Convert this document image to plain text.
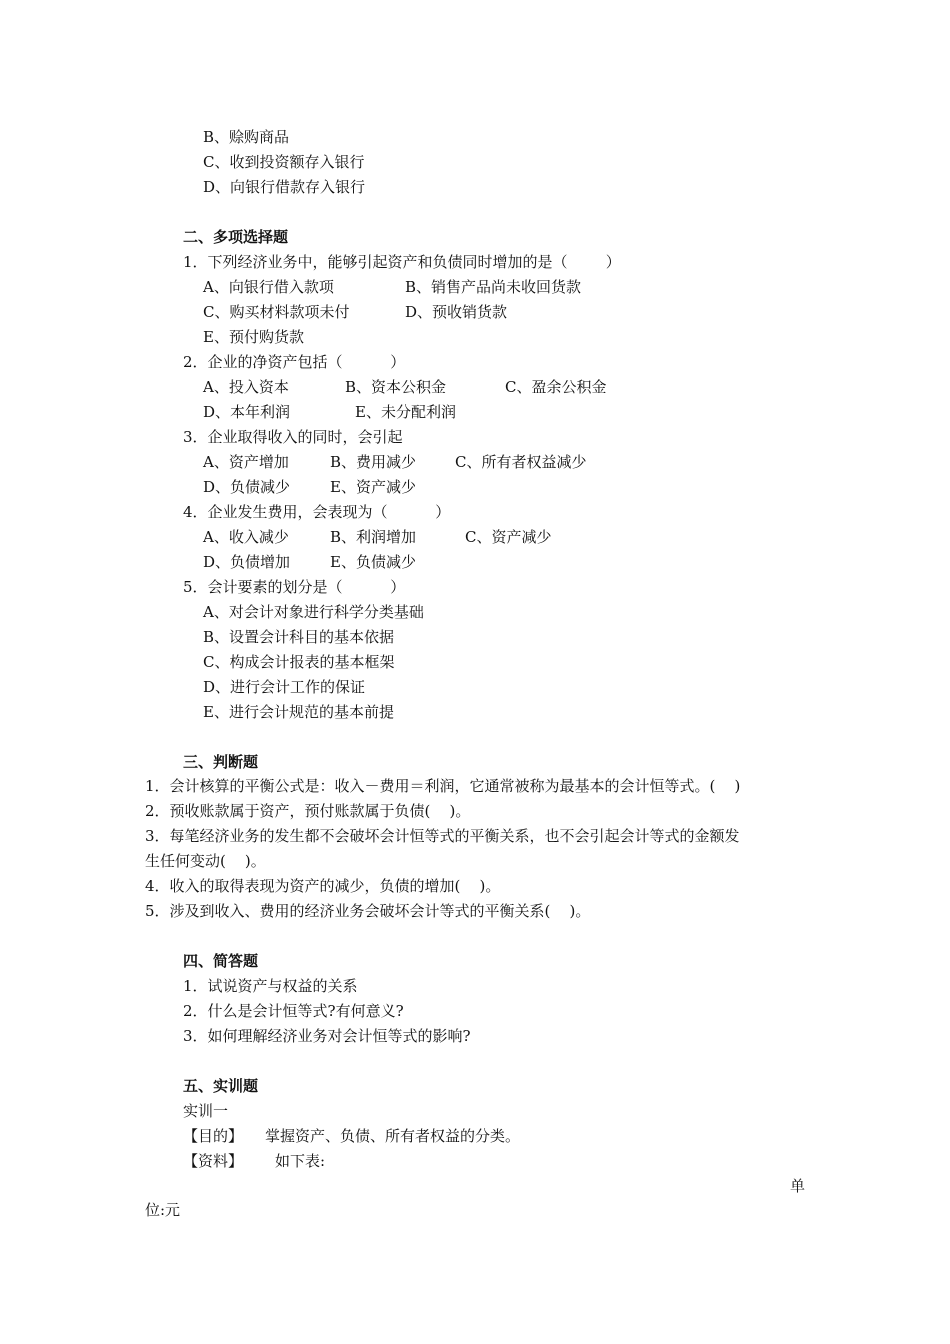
B、赊购商品
C、收到投资额存入银行
D、向银行借款存入银行
二、多项选择题
1．下列经济业务中，能够引起资产和负债同时增加的是（        ）
A、向银行借入款项	B、销售产品尚未收回货款
C、购买材料款项未付	D、预收销货款
E、预付购货款
2．企业的净资产包括（          ）
A、投入资本	B、资本公积金	C、盈余公积金
D、本年利润	E、未分配利润
3．企业取得收入的同时，会引起
A、资产增加	B、费用减少	C、所有者权益减少
D、负债减少	E、资产减少
4．企业发生费用，会表现为（          ）
A、收入减少	B、利润增加	C、资产减少
D、负债增加	E、负债减少
5．会计要素的划分是（          ）
A、对会计对象进行科学分类基础
B、设置会计科目的基本依据
C、构成会计报表的基本框架
D、进行会计工作的保证
E、进行会计规范的基本前提
三、判断题
1．会计核算的平衡公式是：收入－费用＝利润，它通常被称为最基本的会计恒等式。(    )
2．预收账款属于资产，预付账款属于负债(    )。
3．每笔经济业务的发生都不会破坏会计恒等式的平衡关系，也不会引起会计等式的金额发
生任何变动(    )。
4．收入的取得表现为资产的减少，负债的增加(    )。
5．涉及到收入、费用的经济业务会破坏会计等式的平衡关系(    )。
四、简答题
1．试说资产与权益的关系
2．什么是会计恒等式?有何意义?
3．如何理解经济业务对会计恒等式的影响?
五、实训题
实训一
【目的】 掌握资产、负债、所有者权益的分类。
【资料】 如下表:
单
位:元
